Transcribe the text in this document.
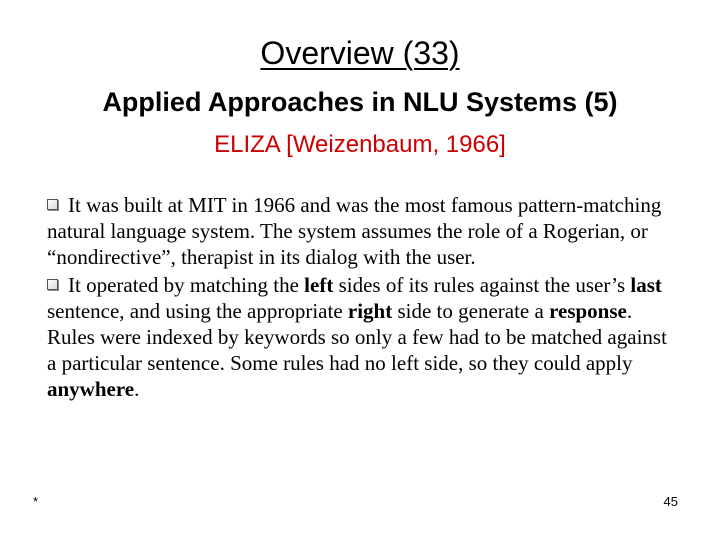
Overview (33)
Applied Approaches in NLU Systems (5)
ELIZA [Weizenbaum, 1966]

It was built at MIT in 1966 and was the most famous pattern-matching natural language system. The system assumes the role of a Rogerian, or “nondirective”, therapist in its dialog with the user.

It operated by matching the left sides of its rules against the user’s last sentence, and using the appropriate right side to generate a response. Rules were indexed by keywords so only a few had to be matched against a particular sentence. Some rules had no left side, so they could apply anywhere.

*	45
